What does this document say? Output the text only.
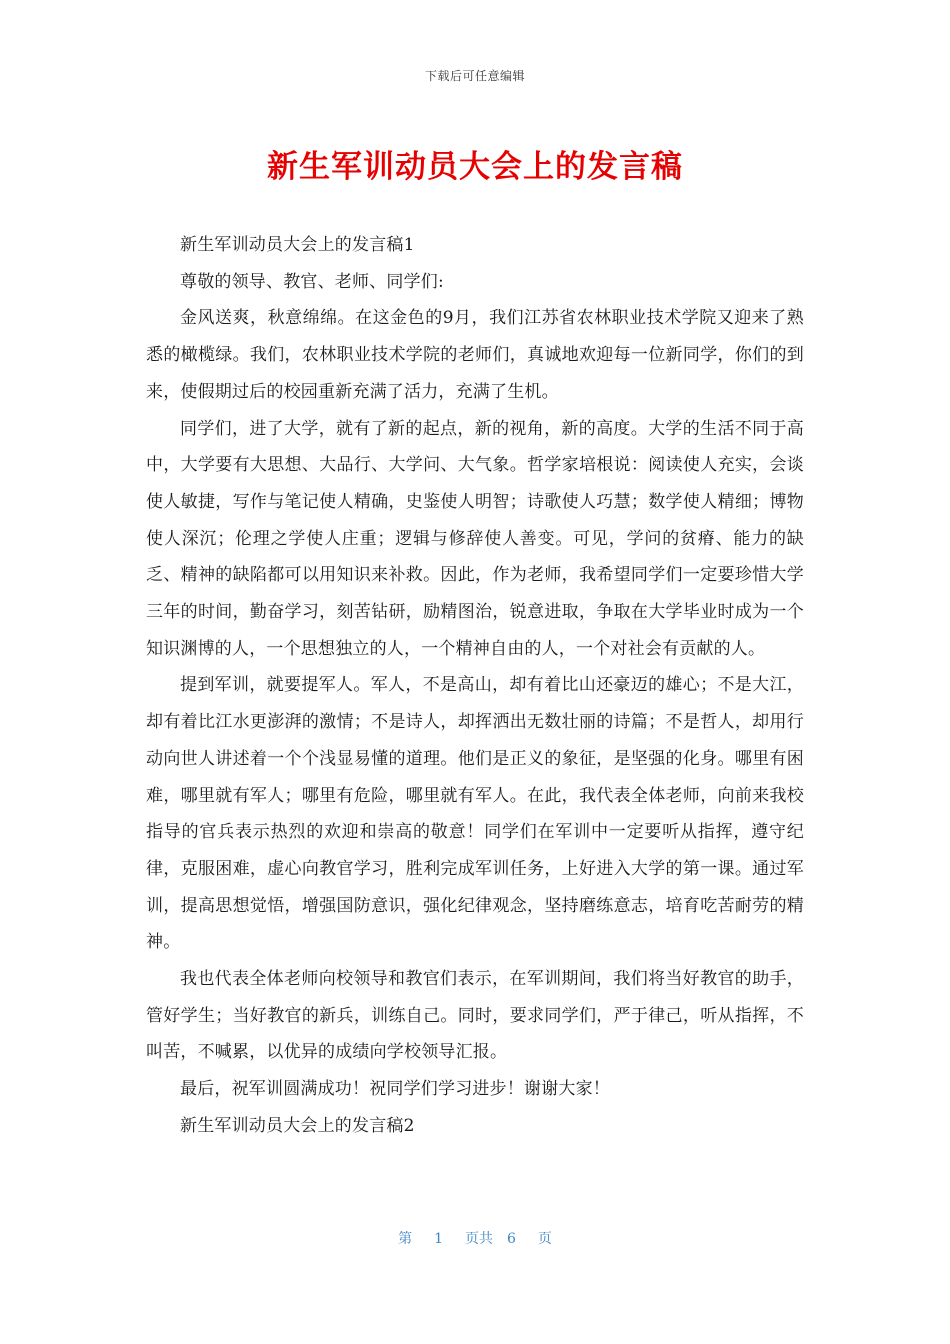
下载后可任意编辑
新生军训动员大会上的发言稿

新生军训动员大会上的发言稿1

尊敬的领导、教官、老师、同学们:

金风送爽，秋意绵绵。在这金色的9月，我们江苏省农林职业技术学院又迎来了熟悉的橄榄绿。我们，农林职业技术学院的老师们，真诚地欢迎每一位新同学，你们的到来，使假期过后的校园重新充满了活力，充满了生机。

同学们，进了大学，就有了新的起点，新的视角，新的高度。大学的生活不同于高中，大学要有大思想、大品行、大学问、大气象。哲学家培根说：阅读使人充实，会谈使人敏捷，写作与笔记使人精确，史鉴使人明智；诗歌使人巧慧；数学使人精细；博物使人深沉；伦理之学使人庄重；逻辑与修辞使人善变。可见，学问的贫瘠、能力的缺乏、精神的缺陷都可以用知识来补救。因此，作为老师，我希望同学们一定要珍惜大学三年的时间，勤奋学习，刻苦钻研，励精图治，锐意进取，争取在大学毕业时成为一个知识渊博的人，一个思想独立的人，一个精神自由的人，一个对社会有贡献的人。

提到军训，就要提军人。军人，不是高山，却有着比山还豪迈的雄心；不是大江，却有着比江水更澎湃的激情；不是诗人，却挥洒出无数壮丽的诗篇；不是哲人，却用行动向世人讲述着一个个浅显易懂的道理。他们是正义的象征，是坚强的化身。哪里有困难，哪里就有军人；哪里有危险，哪里就有军人。在此，我代表全体老师，向前来我校指导的官兵表示热烈的欢迎和崇高的敬意！同学们在军训中一定要听从指挥，遵守纪律，克服困难，虚心向教官学习，胜利完成军训任务，上好进入大学的第一课。通过军训，提高思想觉悟，增强国防意识，强化纪律观念，坚持磨练意志，培育吃苦耐劳的精神。

我也代表全体老师向校领导和教官们表示，在军训期间，我们将当好教官的助手，管好学生；当好教官的新兵，训练自己。同时，要求同学们，严于律己，听从指挥，不叫苦，不喊累，以优异的成绩向学校领导汇报。

最后，祝军训圆满成功！祝同学们学习进步！谢谢大家！

新生军训动员大会上的发言稿2

第 1 页共 6 页
